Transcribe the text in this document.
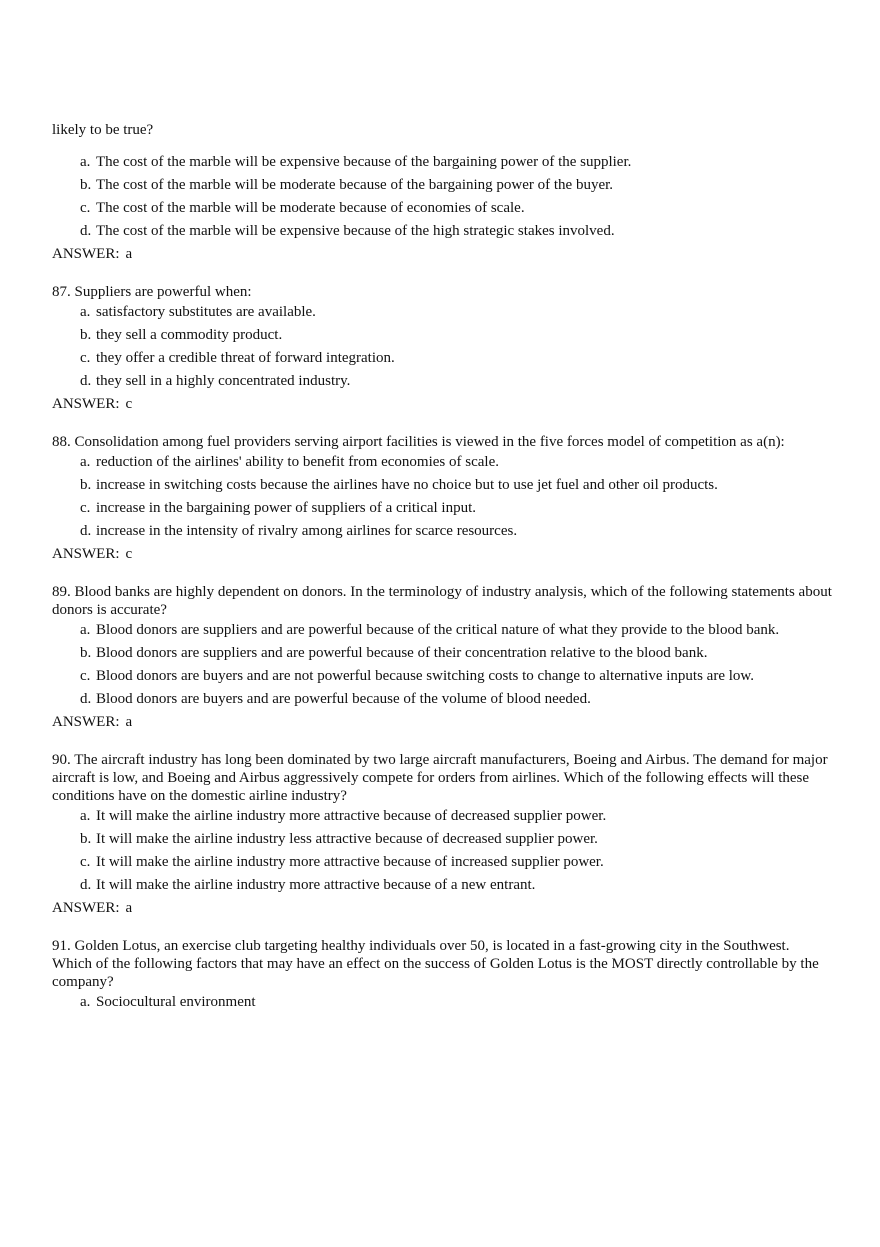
likely to be true?

a. The cost of the marble will be expensive because of the bargaining power of the supplier.
b. The cost of the marble will be moderate because of the bargaining power of the buyer.
c. The cost of the marble will be moderate because of economies of scale.
d. The cost of the marble will be expensive because of the high strategic stakes involved.

ANSWER: a

87. Suppliers are powerful when:

a. satisfactory substitutes are available.
b. they sell a commodity product.
c. they offer a credible threat of forward integration.
d. they sell in a highly concentrated industry.

ANSWER: c

88. Consolidation among fuel providers serving airport facilities is viewed in the five forces model of competition as a(n):

a. reduction of the airlines' ability to benefit from economies of scale.
b. increase in switching costs because the airlines have no choice but to use jet fuel and other oil products.
c. increase in the bargaining power of suppliers of a critical input.
d. increase in the intensity of rivalry among airlines for scarce resources.

ANSWER: c

89. Blood banks are highly dependent on donors. In the terminology of industry analysis, which of the following statements about donors is accurate?

a. Blood donors are suppliers and are powerful because of the critical nature of what they provide to the blood bank.
b. Blood donors are suppliers and are powerful because of their concentration relative to the blood bank.
c. Blood donors are buyers and are not powerful because switching costs to change to alternative inputs are low.
d. Blood donors are buyers and are powerful because of the volume of blood needed.

ANSWER: a

90. The aircraft industry has long been dominated by two large aircraft manufacturers, Boeing and Airbus. The demand for major aircraft is low, and Boeing and Airbus aggressively compete for orders from airlines. Which of the following effects will these conditions have on the domestic airline industry?

a. It will make the airline industry more attractive because of decreased supplier power.
b. It will make the airline industry less attractive because of decreased supplier power.
c. It will make the airline industry more attractive because of increased supplier power.
d. It will make the airline industry more attractive because of a new entrant.

ANSWER: a

91. Golden Lotus, an exercise club targeting healthy individuals over 50, is located in a fast-growing city in the Southwest. Which of the following factors that may have an effect on the success of Golden Lotus is the MOST directly controllable by the company?

a. Sociocultural environment
